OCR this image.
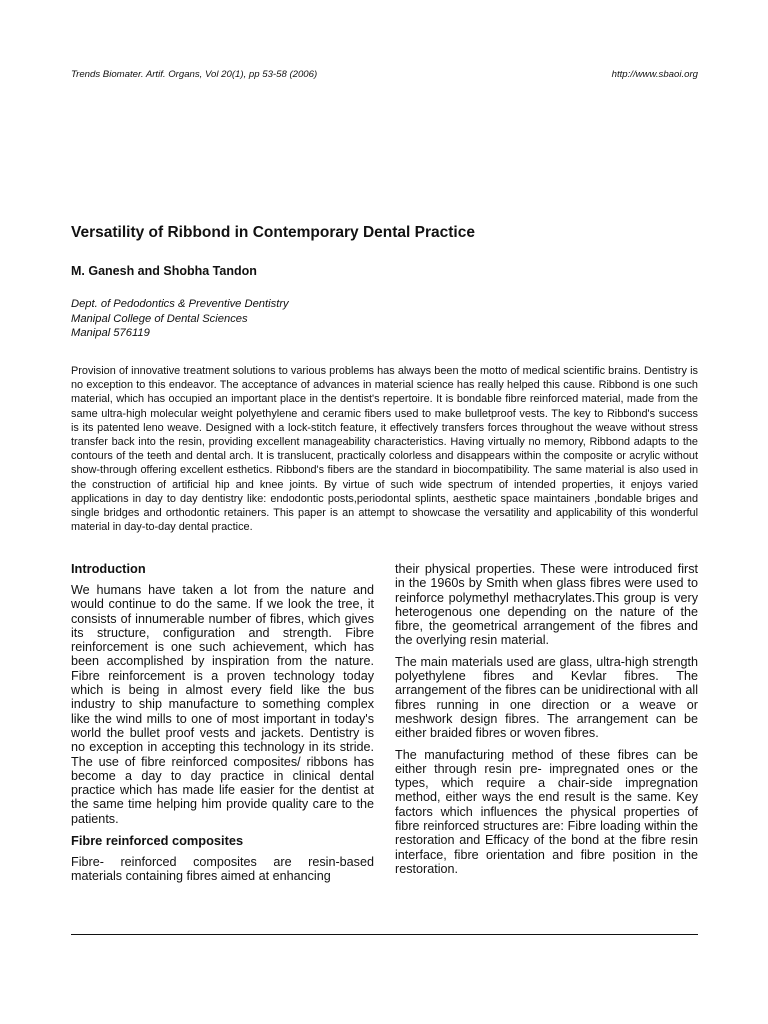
Trends Biomater. Artif. Organs, Vol 20(1), pp 53-58 (2006)	http://www.sbaoi.org
Versatility of Ribbond in Contemporary Dental Practice
M. Ganesh and Shobha Tandon
Dept. of Pedodontics & Preventive Dentistry
Manipal College of Dental Sciences
Manipal 576119

Provision of innovative treatment solutions to various problems has always been the motto of medical scientific brains. Dentistry is no exception to this endeavor. The acceptance of advances in material science has really helped this cause. Ribbond is one such material, which has occupied an important place in the dentist's repertoire. It is bondable fibre reinforced material, made from the same ultra-high molecular weight polyethylene and ceramic fibers used to make bulletproof vests. The key to Ribbond's success is its patented leno weave. Designed with a lock-stitch feature, it effectively transfers forces throughout the weave without stress transfer back into the resin, providing excellent manageability characteristics. Having virtually no memory, Ribbond adapts to the contours of the teeth and dental arch. It is translucent, practically colorless and disappears within the composite or acrylic without show-through offering excellent esthetics. Ribbond's fibers are the standard in biocompatibility. The same material is also used in the construction of artificial hip and knee joints. By virtue of such wide spectrum of intended properties, it enjoys varied applications in day to day dentistry like: endodontic posts,periodontal splints, aesthetic space maintainers ,bondable briges and single bridges and orthodontic retainers. This paper is an attempt to showcase the versatility and applicability of this wonderful material in day-to-day dental practice.

Introduction

We humans have taken a lot from the nature and would continue to do the same. If we look the tree, it consists of innumerable number of fibres, which gives its structure, configuration and strength. Fibre reinforcement is one such achievement, which has been accomplished by inspiration from the nature. Fibre reinforcement is a proven technology today which is being in almost every field like the bus industry to ship manufacture to something complex like the wind mills to one of most important in today's world the bullet proof vests and jackets. Dentistry is no exception in accepting this technology in its stride. The use of fibre reinforced composites/ ribbons has become a day to day practice in clinical dental practice which has made life easier for the dentist at the same time helping him provide quality care to the patients.

Fibre reinforced composites

Fibre- reinforced composites are resin-based materials containing fibres aimed at enhancing

their physical properties. These were introduced first in the 1960s by Smith when glass fibres were used to reinforce polymethyl methacrylates.This group is very heterogenous one depending on the nature of the fibre, the geometrical arrangement of the fibres and the overlying resin material.

The main materials used are glass, ultra-high strength polyethylene fibres and Kevlar fibres. The arrangement of the fibres can be unidirectional with all fibres running in one direction or a weave or meshwork design fibres. The arrangement can be either braided fibres or woven fibres.

The manufacturing method of these fibres can be either through resin pre- impregnated ones or the types, which require a chair-side impregnation method, either ways the end result is the same. Key factors which influences the physical properties of fibre reinforced structures are: Fibre loading within the restoration and Efficacy of the bond at the fibre resin interface, fibre orientation and fibre position in the restoration.
